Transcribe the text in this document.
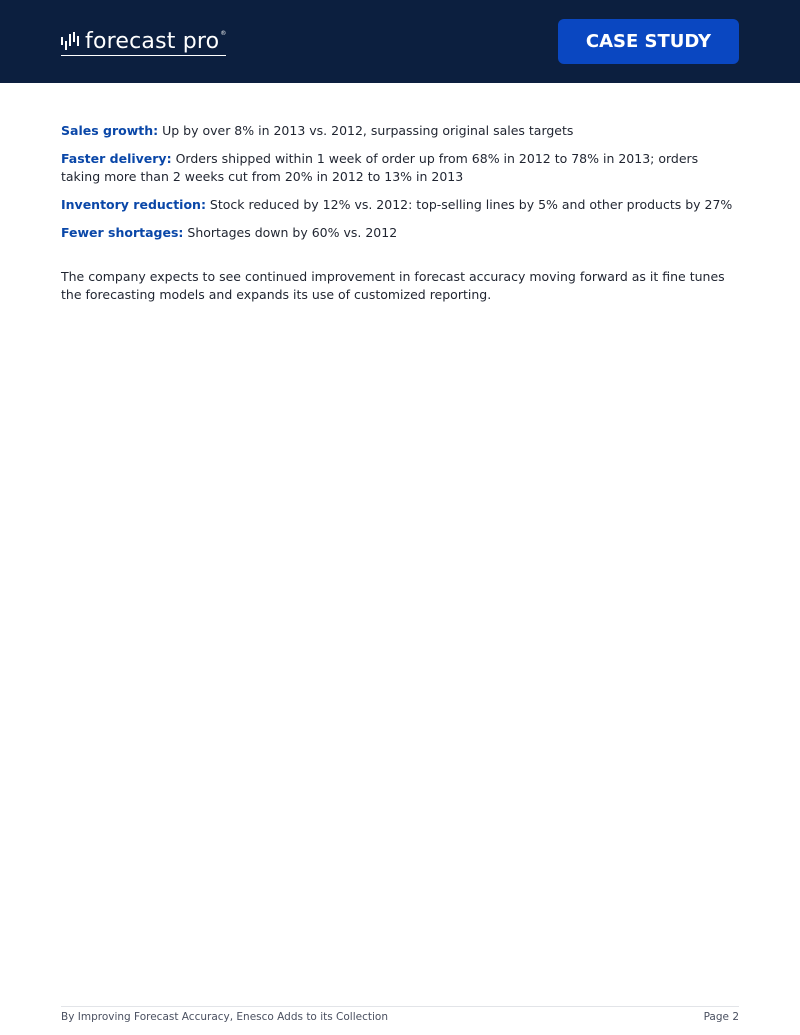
forecast pro ®	CASE STUDY

Sales growth: Up by over 8% in 2013 vs. 2012, surpassing original sales targets

Faster delivery: Orders shipped within 1 week of order up from 68% in 2012 to 78% in 2013; orders taking more than 2 weeks cut from 20% in 2012 to 13% in 2013

Inventory reduction: Stock reduced by 12% vs. 2012: top-selling lines by 5% and other products by 27%

Fewer shortages: Shortages down by 60% vs. 2012

The company expects to see continued improvement in forecast accuracy moving forward as it fine tunes the forecasting models and expands its use of customized reporting.

By Improving Forecast Accuracy, Enesco Adds to its Collection	Page 2
